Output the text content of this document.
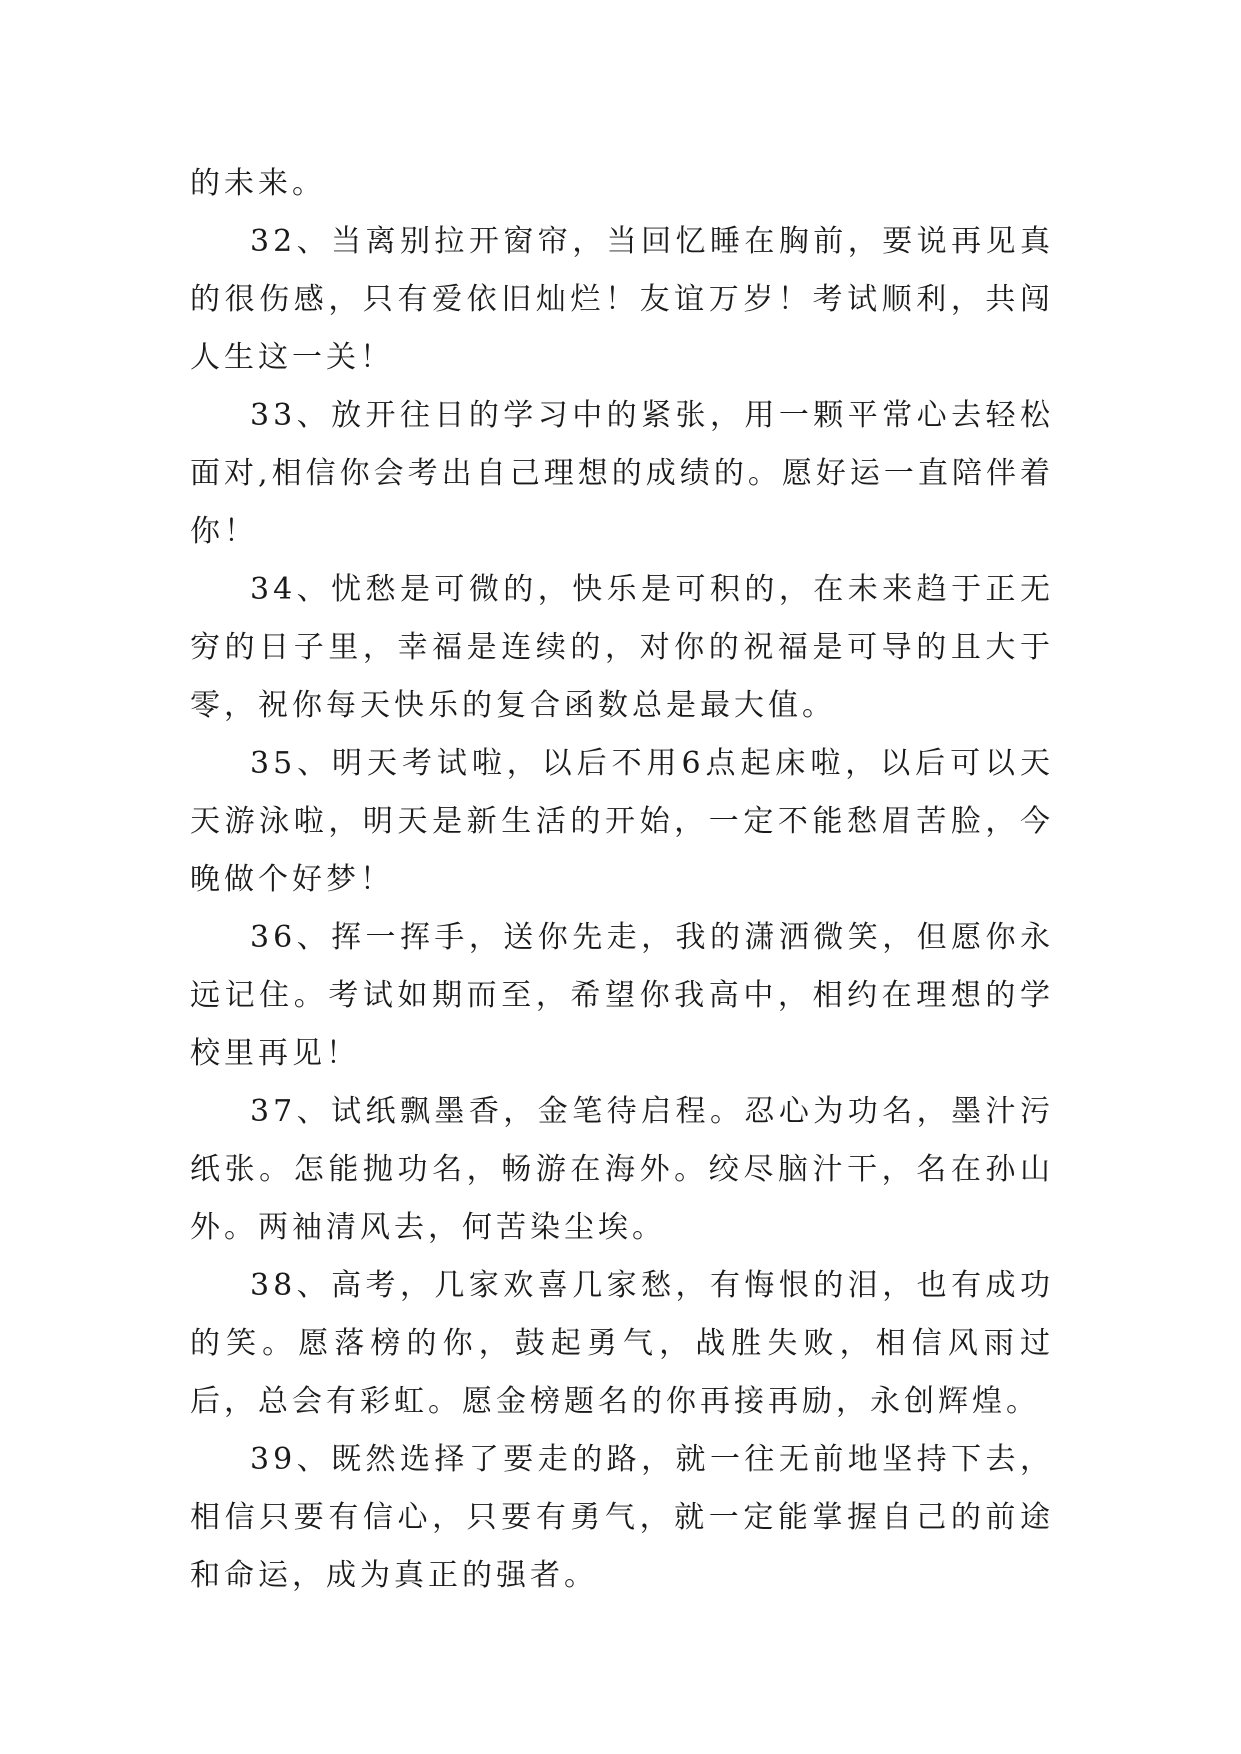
的未来。

32、当离别拉开窗帘，当回忆睡在胸前，要说再见真的很伤感，只有爱依旧灿烂！友谊万岁！考试顺利，共闯人生这一关！

33、放开往日的学习中的紧张，用一颗平常心去轻松面对,相信你会考出自己理想的成绩的。愿好运一直陪伴着你！

34、忧愁是可微的，快乐是可积的，在未来趋于正无穷的日子里，幸福是连续的，对你的祝福是可导的且大于零，祝你每天快乐的复合函数总是最大值。

35、明天考试啦，以后不用6点起床啦，以后可以天天游泳啦，明天是新生活的开始，一定不能愁眉苦脸，今晚做个好梦！

36、挥一挥手，送你先走，我的潇洒微笑，但愿你永远记住。考试如期而至，希望你我高中，相约在理想的学校里再见！

37、试纸飘墨香，金笔待启程。忍心为功名，墨汁污纸张。怎能抛功名，畅游在海外。绞尽脑汁干，名在孙山外。两袖清风去，何苦染尘埃。

38、高考，几家欢喜几家愁，有悔恨的泪，也有成功的笑。愿落榜的你，鼓起勇气，战胜失败，相信风雨过后，总会有彩虹。愿金榜题名的你再接再励，永创辉煌。

39、既然选择了要走的路，就一往无前地坚持下去，相信只要有信心，只要有勇气，就一定能掌握自己的前途和命运，成为真正的强者。
